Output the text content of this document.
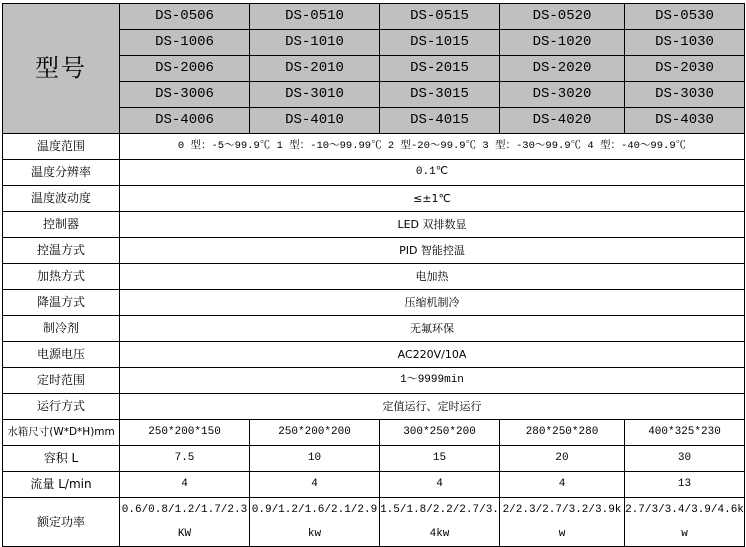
型号	DS-0506	DS-0510	DS-0515	DS-0520	DS-0530
	DS-1006	DS-1010	DS-1015	DS-1020	DS-1030
	DS-2006	DS-2010	DS-2015	DS-2020	DS-2030
	DS-3006	DS-3010	DS-3015	DS-3020	DS-3030
	DS-4006	DS-4010	DS-4015	DS-4020	DS-4030
温度范围	0 型：-5～99.9℃ 1 型：-10～99.99℃ 2 型-20～99.9℃ 3 型：-30～99.9℃ 4 型：-40～99.9℃				
温度分辨率	0.1℃				
温度波动度	≤±1℃				
控制器	LED 双排数显				
控温方式	PID 智能控温				
加热方式	电加热				
降温方式	压缩机制冷				
制冷剂	无氟环保				
电源电压	AC220V/10A				
定时范围	1～9999min				
运行方式	定值运行、定时运行				
水箱尺寸(W*D*H)mm	250*200*150	250*200*200	300*250*200	280*250*280	400*325*230
容积 L	7.5	10	15	20	30
流量 L/min	4	4	4	4	13
额定功率	0.6/0.8/1.2/1.7/2.3KW	0.9/1.2/1.6/2.1/2.9kw	1.5/1.8/2.2/2.7/3.4kw	2/2.3/2.7/3.2/3.9kw	2.7/3/3.4/3.9/4.6kw
